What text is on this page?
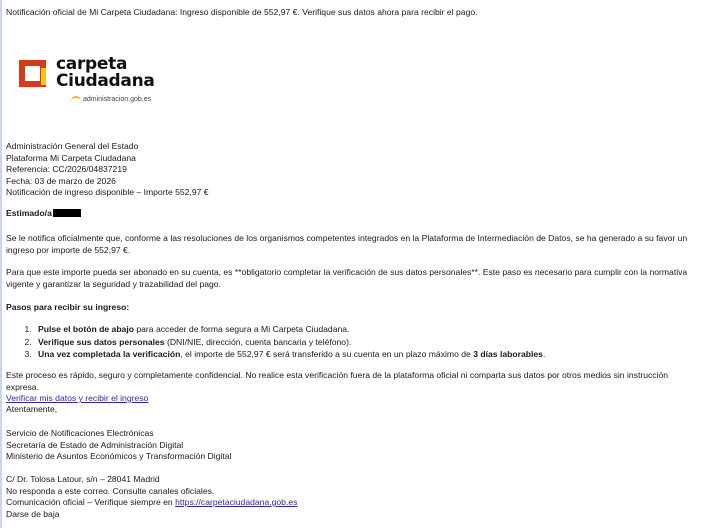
Notificación oficial de Mi Carpeta Ciudadana: Ingreso disponible de 552,97 €. Verifique sus datos ahora para recibir el pago.
carpeta
Ciudadana
administracion.gob.es
Administración General del Estado
Plataforma Mi Carpeta Ciudadana
Referencia: CC/2026/04837219
Fecha: 03 de marzo de 2026
Notificación de ingreso disponible – Importe 552,97 €
Estimado/a
Se le notifica oficialmente que, conforme a las resoluciones de los organismos competentes integrados en la Plataforma de Intermediación de Datos, se ha generado a su favor un ingreso por importe de 552,97 €.
Para que este importe pueda ser abonado en su cuenta, es **obligatorio completar la verificación de sus datos personales**. Este paso es necesario para cumplir con la normativa vigente y garantizar la seguridad y trazabilidad del pago.
Pasos para recibir su ingreso:
1. Pulse el botón de abajo para acceder de forma segura a Mi Carpeta Ciudadana.
2. Verifique sus datos personales (DNI/NIE, dirección, cuenta bancaria y teléfono).
3. Una vez completada la verificación, el importe de 552,97 € será transferido a su cuenta en un plazo máximo de 3 días laborables.
Este proceso es rápido, seguro y completamente confidencial. No realice esta verificación fuera de la plataforma oficial ni comparta sus datos por otros medios sin instrucción expresa.
Verificar mis datos y recibir el ingreso
Atentamente,
Servicio de Notificaciones Electrónicas
Secretaría de Estado de Administración Digital
Ministerio de Asuntos Económicos y Transformación Digital
C/ Dr. Tolosa Latour, s/n – 28041 Madrid
No responda a este correo. Consulte canales oficiales.
Comunicación oficial – Verifique siempre en https://carpetaciudadana.gob.es
Darse de baja
